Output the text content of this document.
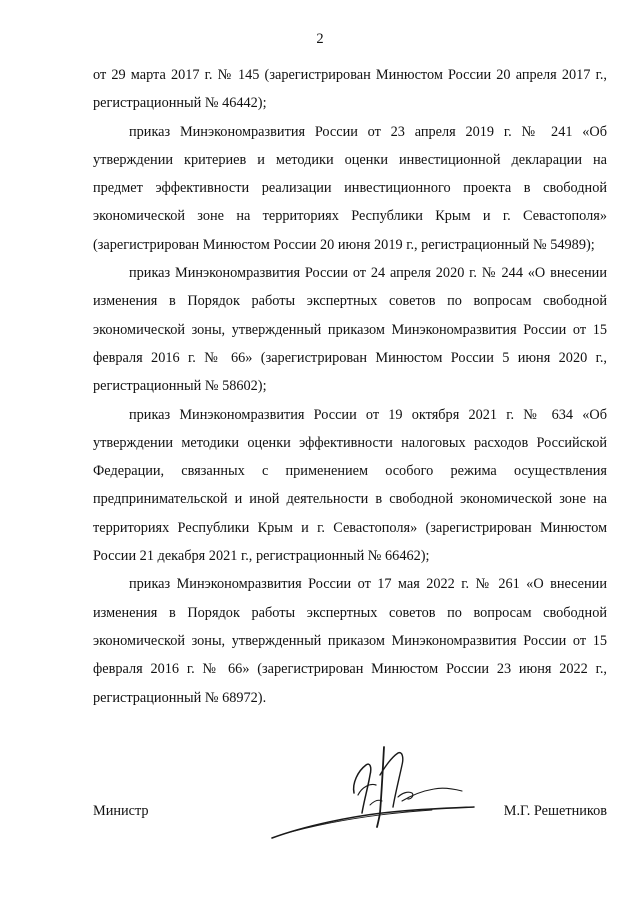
2

от 29 марта 2017 г. № 145 (зарегистрирован Минюстом России 20 апреля 2017 г., регистрационный № 46442);

приказ Минэкономразвития России от 23 апреля 2019 г. № 241 «Об утверждении критериев и методики оценки инвестиционной декларации на предмет эффективности реализации инвестиционного проекта в свободной экономической зоне на территориях Республики Крым и г. Севастополя» (зарегистрирован Минюстом России 20 июня 2019 г., регистрационный № 54989);

приказ Минэкономразвития России от 24 апреля 2020 г. № 244 «О внесении изменения в Порядок работы экспертных советов по вопросам свободной экономической зоны, утвержденный приказом Минэкономразвития России от 15 февраля 2016 г. № 66» (зарегистрирован Минюстом России 5 июня 2020 г., регистрационный № 58602);

приказ Минэкономразвития России от 19 октября 2021 г. № 634 «Об утверждении методики оценки эффективности налоговых расходов Российской Федерации, связанных с применением особого режима осуществления предпринимательской и иной деятельности в свободной экономической зоне на территориях Республики Крым и г. Севастополя» (зарегистрирован Минюстом России 21 декабря 2021 г., регистрационный № 66462);

приказ Минэкономразвития России от 17 мая 2022 г. № 261 «О внесении изменения в Порядок работы экспертных советов по вопросам свободной экономической зоны, утвержденный приказом Минэкономразвития России от 15 февраля 2016 г. № 66» (зарегистрирован Минюстом России 23 июня 2022 г., регистрационный № 68972).

Министр	М.Г. Решетников
